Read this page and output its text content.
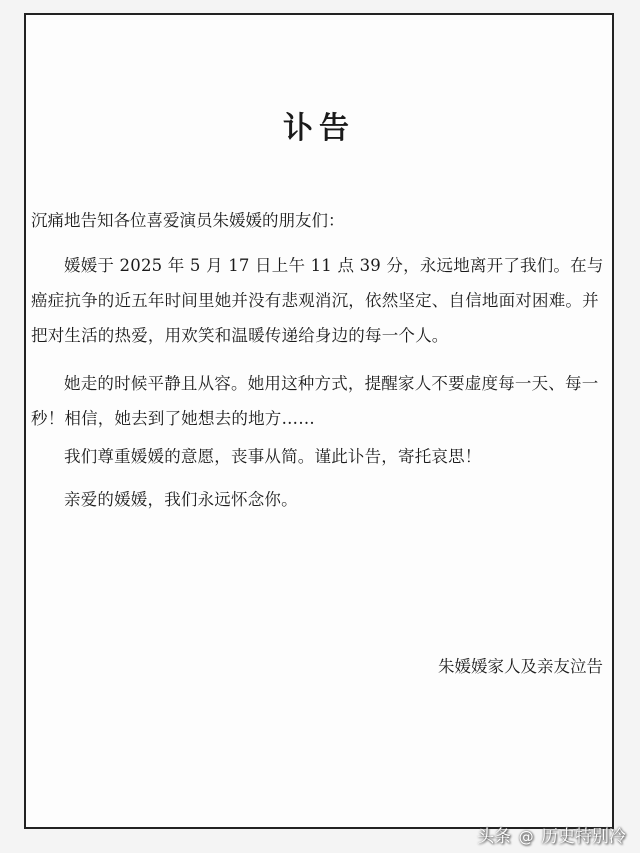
讣告
沉痛地告知各位喜爱演员朱媛媛的朋友们：
媛媛于 2025 年 5 月 17 日上午 11 点 39 分，永远地离开了我们。在与癌症抗争的近五年时间里她并没有悲观消沉，依然坚定、自信地面对困难。并把对生活的热爱，用欢笑和温暖传递给身边的每一个人。
她走的时候平静且从容。她用这种方式，提醒家人不要虚度每一天、每一秒！相信，她去到了她想去的地方……
我们尊重媛媛的意愿，丧事从简。谨此讣告，寄托哀思！
亲爱的媛媛，我们永远怀念你。
朱媛媛家人及亲友泣告
头条 @ 历史特别冷
